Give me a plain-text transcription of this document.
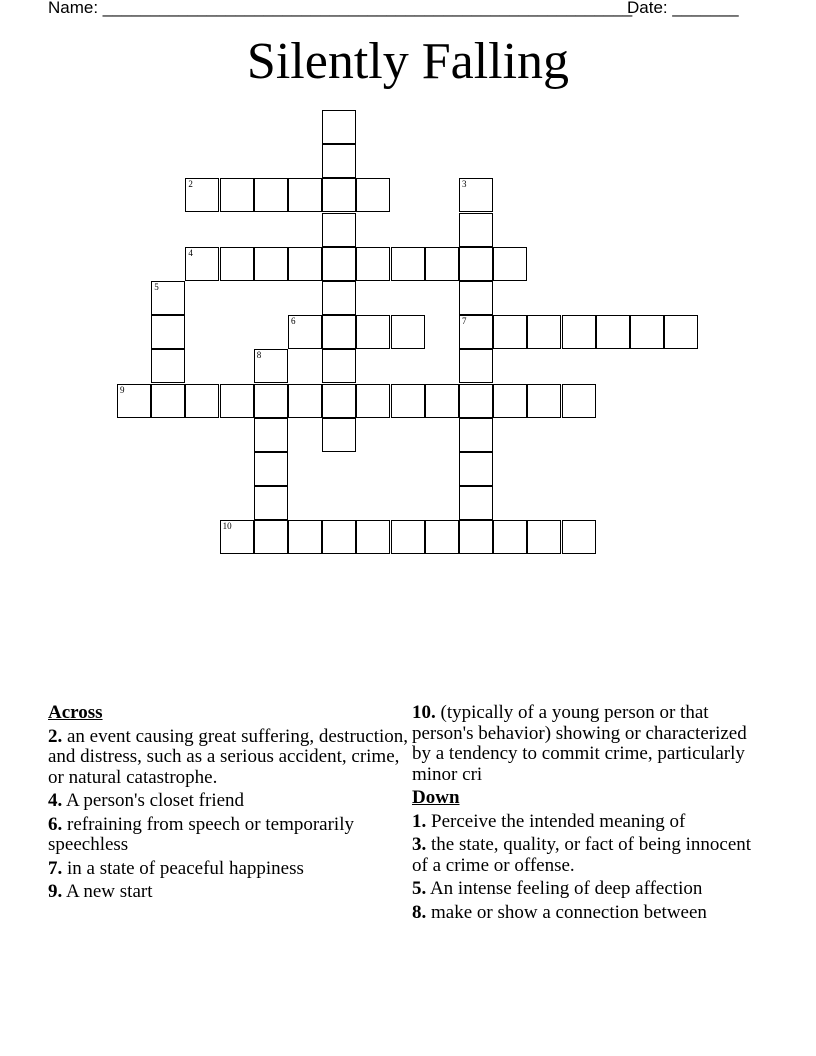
Name: ________________________________________________________
Date: _______
Silently Falling
2	3
7
4
5
6
8
9
10
Across
2. an event causing great suffering, destruction, and distress, such as a serious accident, crime, or natural catastrophe.
4. A person's closet friend
6. refraining from speech or temporarily speechless
7. in a state of peaceful happiness
9. A new start
10. (typically of a young person or that person's behavior) showing or characterized by a tendency to commit crime, particularly minor cri
Down
1. Perceive the intended meaning of
3. the state, quality, or fact of being innocent of a crime or offense.
5. An intense feeling of deep affection
8. make or show a connection between
